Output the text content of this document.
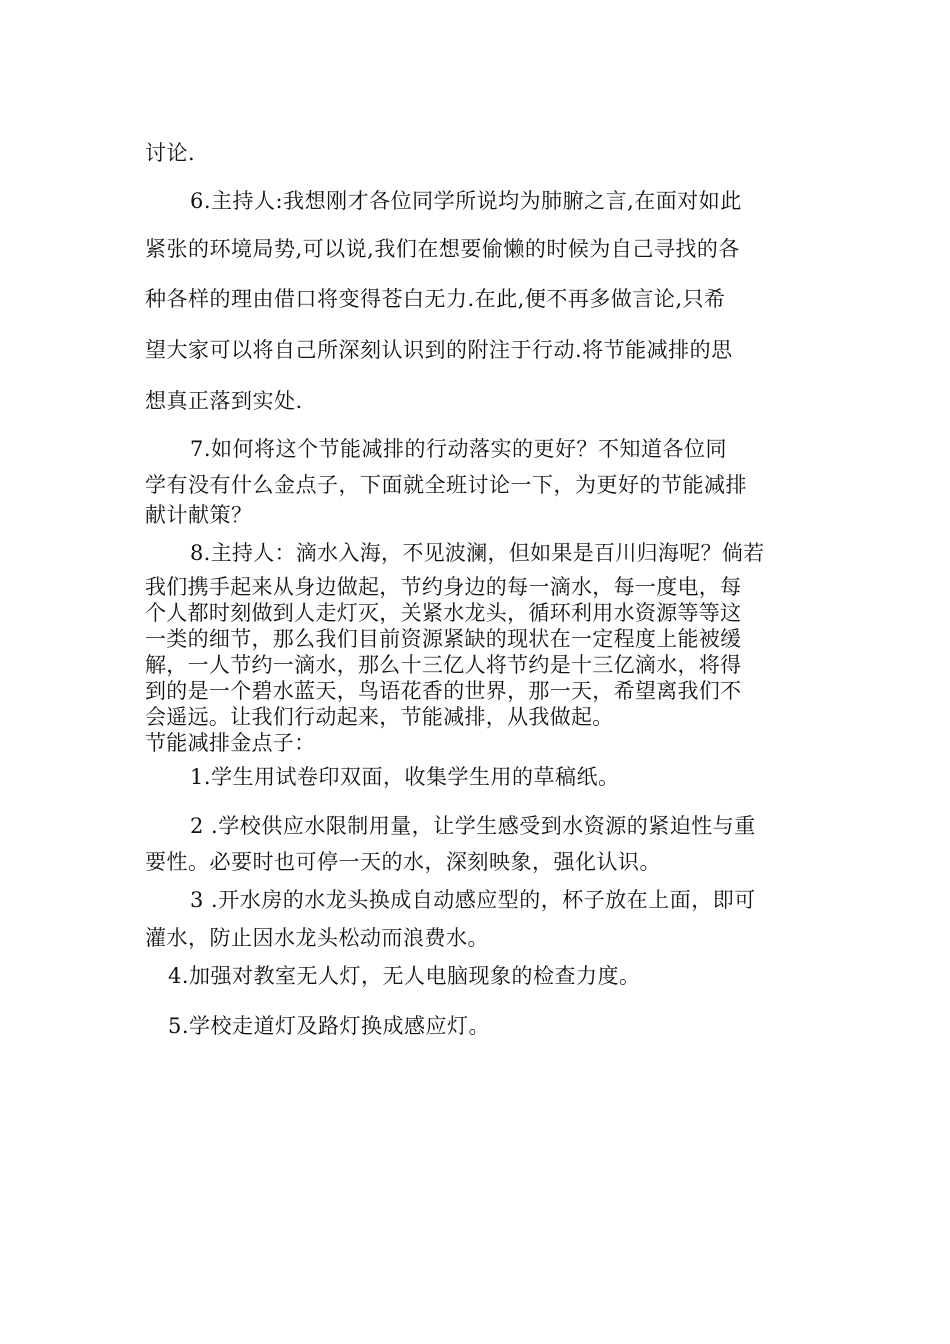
讨论.
6.主持人:我想刚才各位同学所说均为肺腑之言,在面对如此
紧张的环境局势,可以说,我们在想要偷懒的时候为自己寻找的各
种各样的理由借口将变得苍白无力.在此,便不再多做言论,只希
望大家可以将自己所深刻认识到的附注于行动.将节能减排的思
想真正落到实处.
7.如何将这个节能减排的行动落实的更好？不知道各位同
学有没有什么金点子，下面就全班讨论一下，为更好的节能减排
献计献策？
8.主持人：滴水入海，不见波澜，但如果是百川归海呢？倘若
我们携手起来从身边做起，节约身边的每一滴水，每一度电，每
个人都时刻做到人走灯灭，关紧水龙头，循环利用水资源等等这
一类的细节，那么我们目前资源紧缺的现状在一定程度上能被缓
解，一人节约一滴水，那么十三亿人将节约是十三亿滴水，将得
到的是一个碧水蓝天，鸟语花香的世界，那一天，希望离我们不
会遥远。让我们行动起来，节能减排，从我做起。
节能减排金点子：
1.学生用试卷印双面，收集学生用的草稿纸。
2 .学校供应水限制用量，让学生感受到水资源的紧迫性与重
要性。必要时也可停一天的水，深刻映象，强化认识。
3 .开水房的水龙头换成自动感应型的，杯子放在上面，即可
灌水，防止因水龙头松动而浪费水。
4.加强对教室无人灯，无人电脑现象的检查力度。
5.学校走道灯及路灯换成感应灯。
